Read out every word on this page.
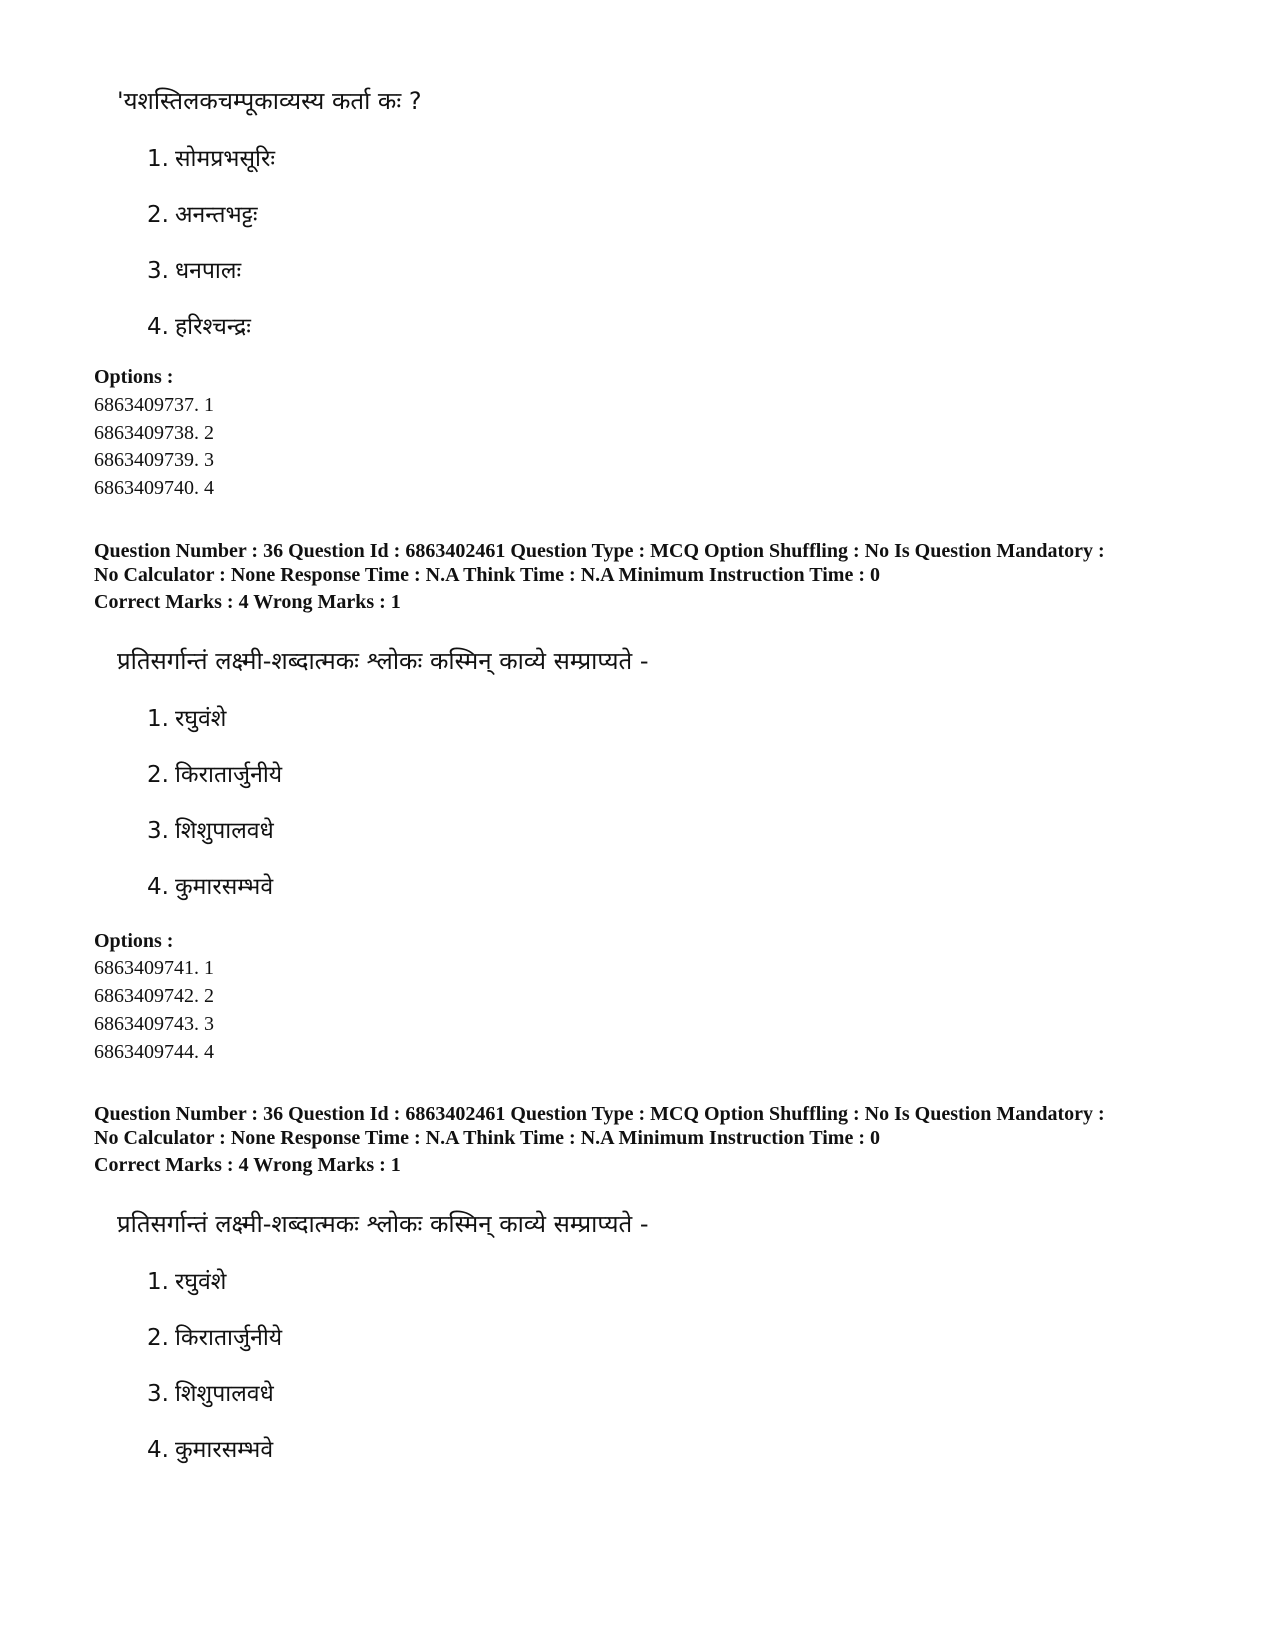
'यशस्तिलकचम्पूकाव्यस्य कर्ता कः ?
1. सोमप्रभसूरिः
2. अनन्तभट्टः
3. धनपालः
4. हरिश्चन्द्रः
Options :
6863409737. 1
6863409738. 2
6863409739. 3
6863409740. 4
Question Number : 36 Question Id : 6863402461 Question Type : MCQ Option Shuffling : No Is Question Mandatory :
No Calculator : None Response Time : N.A Think Time : N.A Minimum Instruction Time : 0
Correct Marks : 4 Wrong Marks : 1
प्रतिसर्गान्तं लक्ष्मी-शब्दात्मकः श्लोकः कस्मिन् काव्ये सम्प्राप्यते -
1. रघुवंशे
2. किरातार्जुनीये
3. शिशुपालवधे
4. कुमारसम्भवे
Options :
6863409741. 1
6863409742. 2
6863409743. 3
6863409744. 4
Question Number : 36 Question Id : 6863402461 Question Type : MCQ Option Shuffling : No Is Question Mandatory :
No Calculator : None Response Time : N.A Think Time : N.A Minimum Instruction Time : 0
Correct Marks : 4 Wrong Marks : 1
प्रतिसर्गान्तं लक्ष्मी-शब्दात्मकः श्लोकः कस्मिन् काव्ये सम्प्राप्यते -
1. रघुवंशे
2. किरातार्जुनीये
3. शिशुपालवधे
4. कुमारसम्भवे
